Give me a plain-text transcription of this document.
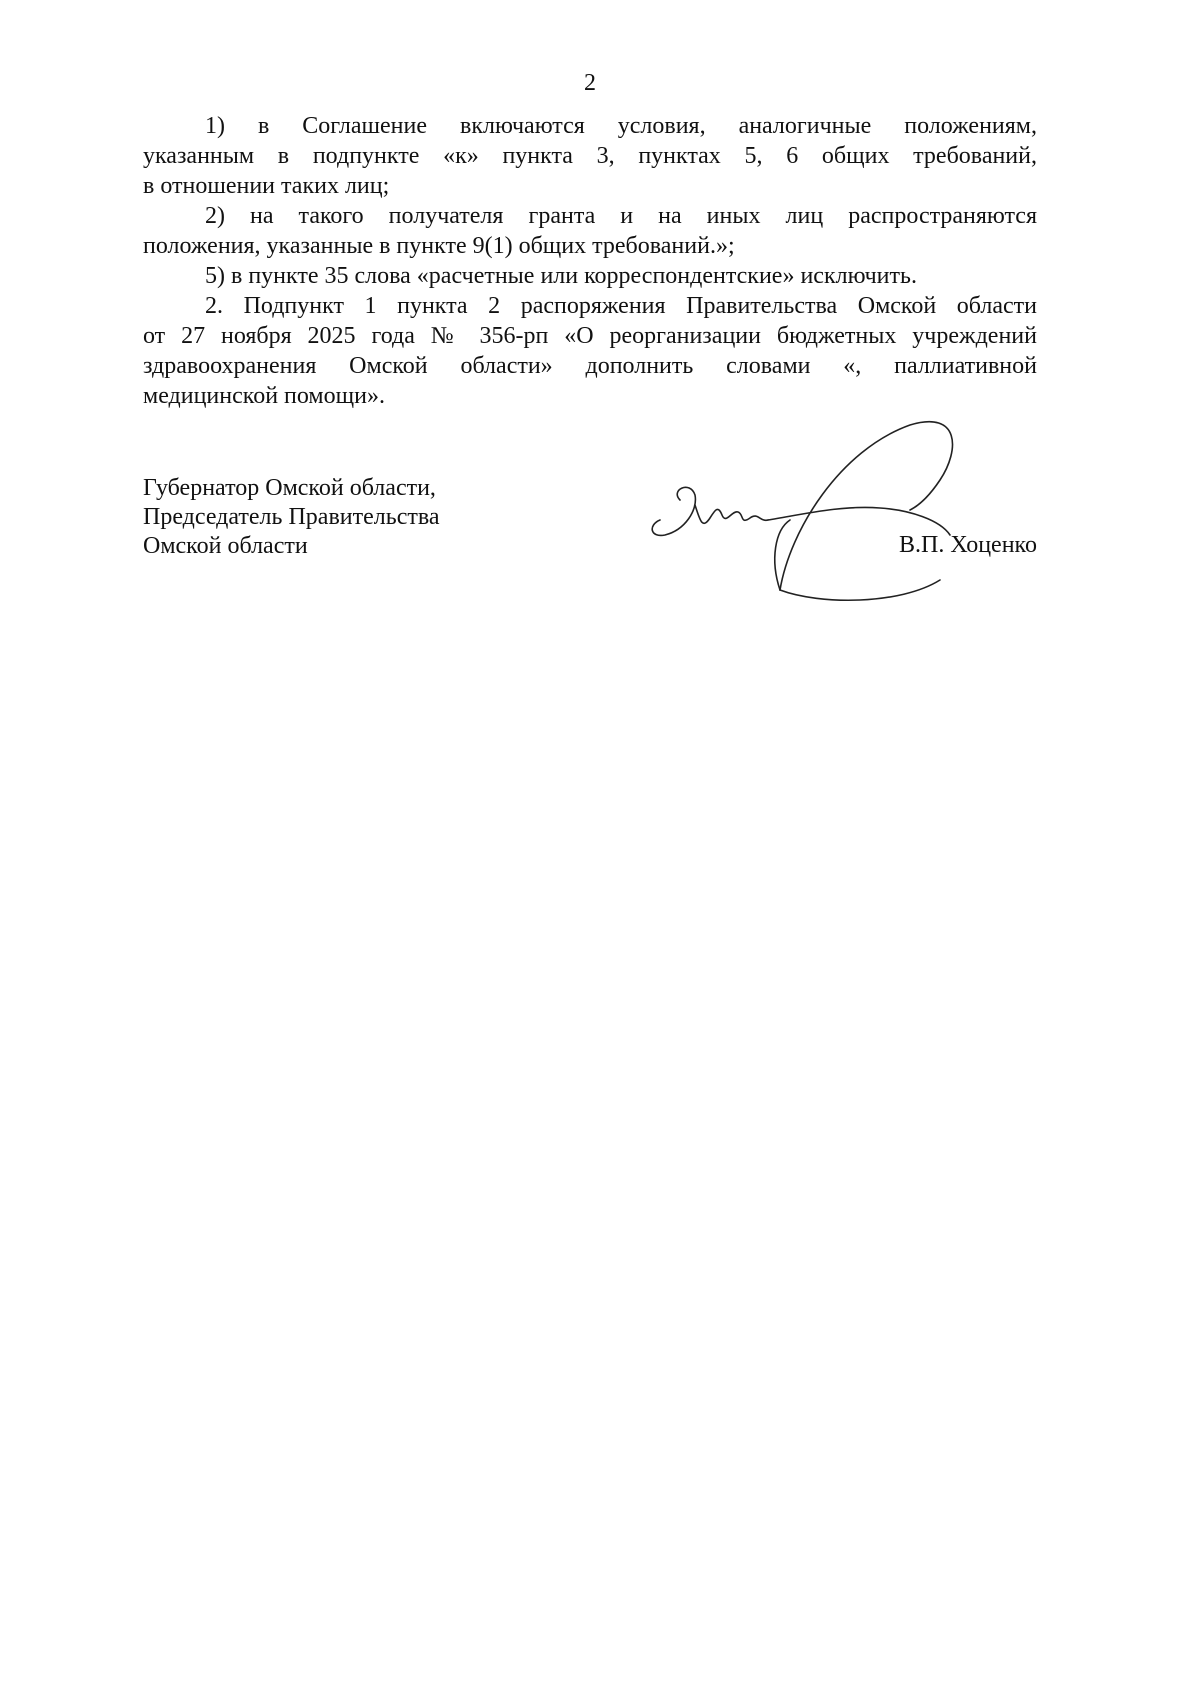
2
1) в Соглашение включаются условия, аналогичные положениям,
указанным в подпункте «к» пункта 3, пунктах 5, 6 общих требований,
в отношении таких лиц;
2) на такого получателя гранта и на иных лиц распространяются
положения, указанные в пункте 9(1) общих требований.»;
5) в пункте 35 слова «расчетные или корреспондентские» исключить.
2. Подпункт 1 пункта 2 распоряжения Правительства Омской области
от 27 ноября 2025 года № 356-рп «О реорганизации бюджетных учреждений
здравоохранения Омской области» дополнить словами «, паллиативной
медицинской помощи».
Губернатор Омской области,
Председатель Правительства
Омской области	В.П. Хоценко
